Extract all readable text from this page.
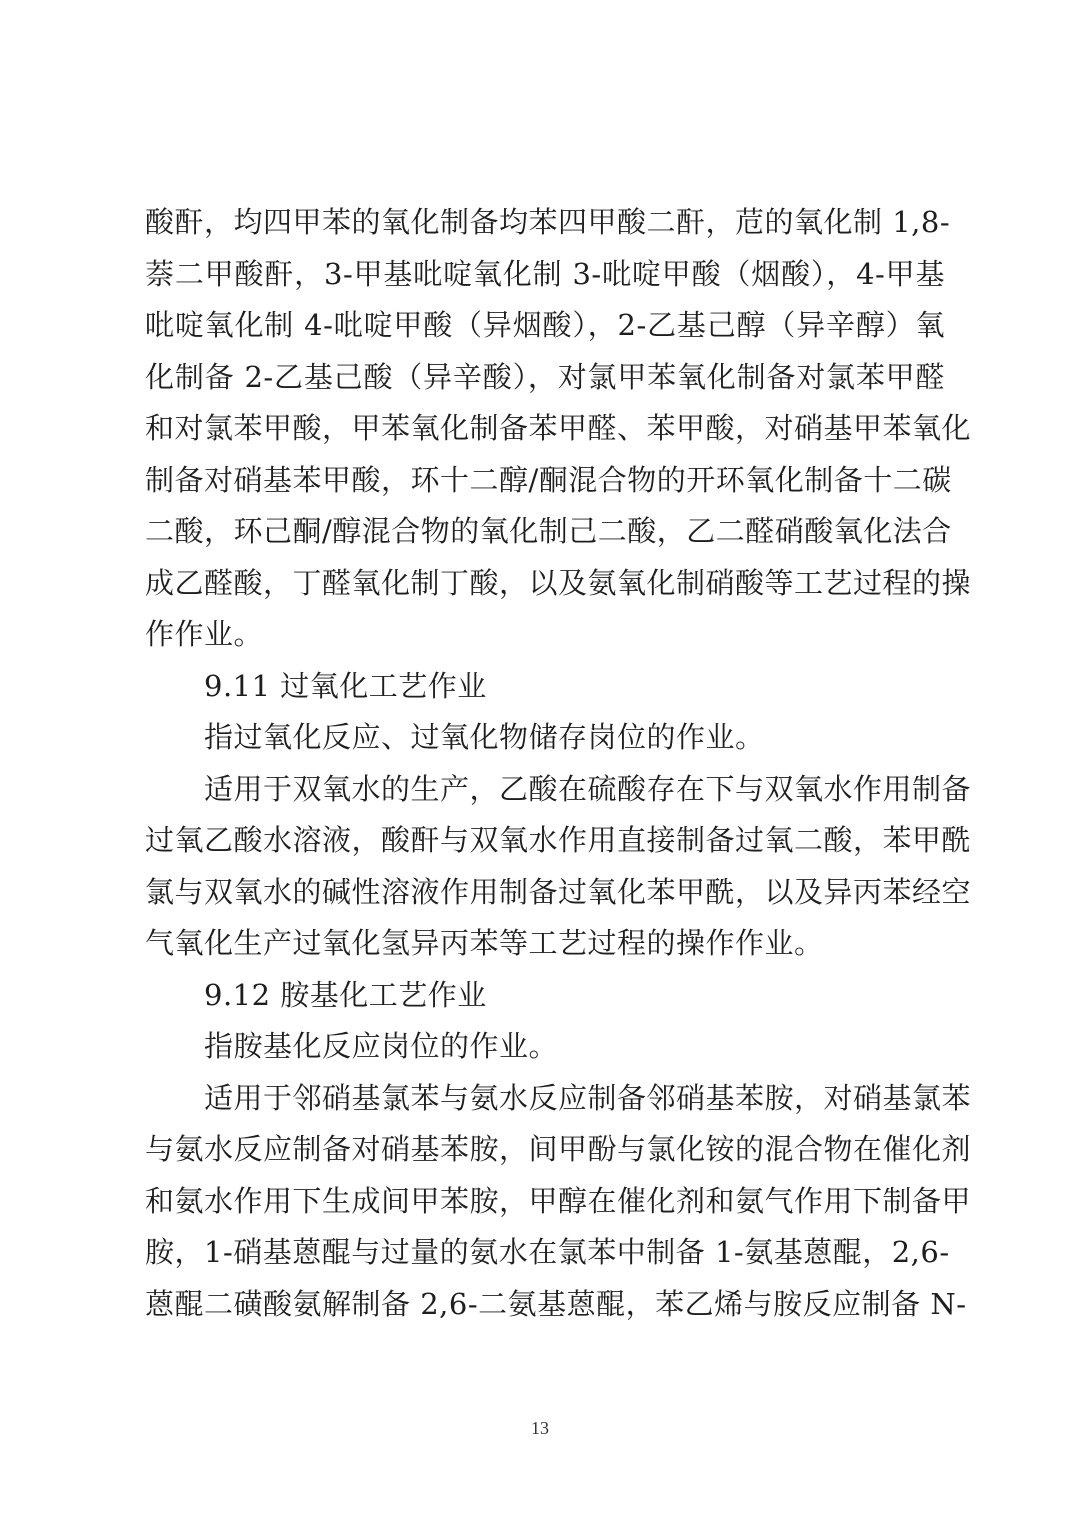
酸酐，均四甲苯的氧化制备均苯四甲酸二酐，苊的氧化制 1,8-
萘二甲酸酐，3-甲基吡啶氧化制 3-吡啶甲酸（烟酸），4-甲基
吡啶氧化制 4-吡啶甲酸（异烟酸），2-乙基己醇（异辛醇）氧
化制备 2-乙基己酸（异辛酸），对氯甲苯氧化制备对氯苯甲醛
和对氯苯甲酸，甲苯氧化制备苯甲醛、苯甲酸，对硝基甲苯氧化
制备对硝基苯甲酸，环十二醇/酮混合物的开环氧化制备十二碳
二酸，环己酮/醇混合物的氧化制己二酸，乙二醛硝酸氧化法合
成乙醛酸，丁醛氧化制丁酸，以及氨氧化制硝酸等工艺过程的操
作作业。
9.11 过氧化工艺作业
指过氧化反应、过氧化物储存岗位的作业。
适用于双氧水的生产，乙酸在硫酸存在下与双氧水作用制备
过氧乙酸水溶液，酸酐与双氧水作用直接制备过氧二酸，苯甲酰
氯与双氧水的碱性溶液作用制备过氧化苯甲酰，以及异丙苯经空
气氧化生产过氧化氢异丙苯等工艺过程的操作作业。
9.12 胺基化工艺作业
指胺基化反应岗位的作业。
适用于邻硝基氯苯与氨水反应制备邻硝基苯胺，对硝基氯苯
与氨水反应制备对硝基苯胺，间甲酚与氯化铵的混合物在催化剂
和氨水作用下生成间甲苯胺，甲醇在催化剂和氨气作用下制备甲
胺，1-硝基蒽醌与过量的氨水在氯苯中制备 1-氨基蒽醌，2,6-
蒽醌二磺酸氨解制备 2,6-二氨基蒽醌，苯乙烯与胺反应制备 N-
13
